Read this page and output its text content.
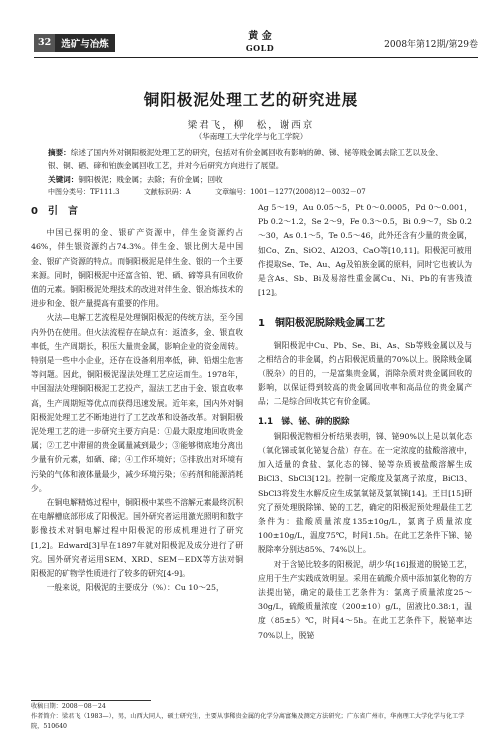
32	选矿与冶炼
黄 金
GOLD	2008年第12期/第29卷
铜阳极泥处理工艺的研究进展
梁君飞，柳　松，谢西京
（华南理工大学化学与化工学院）
摘要：综述了国内外对铜阳极泥处理工艺的研究，包括对有价金属回收有影响的砷、锑、铋等贱金属去除工艺以及金、银、铜、硒、碲和铂族金属回收工艺，并对今后研究方向进行了展望。
关键词：铜阳极泥；贱金属；去除；有价金属；回收
中图分类号：TF111.3	文献标识码：A	文章编号：1001－1277(2008)12－0032－07
0　引　言

中国已探明的金、银矿产资源中，伴生金资源约占46%，伴生银资源约占74.3%。伴生金、银比例大是中国金、银矿产资源的特点。而铜阳极泥是伴生金、银的一个主要来源。同时，铜阳极泥中还富含铂、钯、硒、碲等具有回收价值的元素。铜阳极泥处理技术的改进对伴生金、银冶炼技术的进步和金、银产量提高有重要的作用。

火法—电解工艺流程是处理铜阳极泥的传统方法，至今国内外仍在使用。但火法流程存在缺点有：返渣多，金、银直收率低，生产周期长，积压大量贵金属，影响企业的资金周转。特别是一些中小企业，还存在设备利用率低，砷、铅烟尘危害等问题。因此，铜阳极泥湿法处理工艺应运而生。1978年，中国湿法处理铜阳极泥工艺投产，湿法工艺由于金、银直收率高，生产周期短等优点而获得迅速发展。近年来，国内外对铜阳极泥处理工艺不断地进行了工艺改革和设备改革。对铜阳极泥处理工艺的进一步研究主要方向是：①最大限度地回收贵金属；②工艺中滞留的贵金属量减到最少；③能够彻底地分离出少量有价元素，如硒、碲；④工作环境好；⑤排放出对环境有污染的气体和液体量最少，减少环境污染；⑥药剂和能源消耗少。

在铜电解精炼过程中，铜阳极中某些不溶解元素最终沉积在电解槽底部形成了阳极泥。国外研究者运用激光照明和数字影像技术对铜电解过程中阳极泥的形成机理进行了研究[1,2]。Edward[3]早在1897年就对阳极泥及成分进行了研究。国外研究者运用SEM、XRD、SEM－EDX等方法对铜阳极泥的矿物学性质进行了较多的研究[4-9]。

一般来说，阳极泥的主要成分（%）：Cu 10～25，

Ag 5～19，Au 0.05～5，Pt 0～0.0005，Pd 0～0.001，Pb 0.2～1.2，Se 2～9，Fe 0.3～0.5，Bi 0.9～7，Sb 0.2～30，As 0.1～5，Te 0.5～46，此外还含有少量的贵金属，如Co、Zn、SiO2、Al2O3、CaO等[10,11]。阳极泥可被用作提取Se、Te、Au、Ag及铂族金属的原料，同时它也被认为是含As、Sb、Bi及易溶性重金属Cu、Ni、Pb的有害残渣[12]。

1　铜阳极泥脱除贱金属工艺

铜阳极泥中Cu、Pb、Se、Bi、As、Sb等贱金属以及与之相结合的非金属，约占阳极泥质量的70%以上。脱除贱金属（脱杂）的目的，一是富集贵金属，消除杂质对贵金属回收的影响，以保证得到较高的贵金属回收率和高品位的贵金属产品；二是综合回收其它有价金属。

1.1　锑、铋、砷的脱除

铜阳极泥物相分析结果表明，锑、铋90%以上是以氧化态（氧化锑或氧化铋复合盐）存在。在一定浓度的盐酸溶液中，加入适量的食盐、氯化态的锑、铋等杂质被盐酸溶解生成BiCl3、SbCl3[12]。控制一定酸度及氯离子浓度，BiCl3、SbCl3将发生水解反应生成氯氧铋及氯氧锑[14]。王日[15]研究了预处理脱除锑、铋的工艺，确定的阳极泥预处理最佳工艺条件为：盐酸质量浓度135±10g/L，氯离子质量浓度100±10g/L，温度75℃，时间1.5h。在此工艺条件下锑、铋脱除率分别达85%、74%以上。

对于含铋比较多的阳极泥，胡少华[16]报道的脱铋工艺，应用于生产实践成效明显。采用在硫酸介质中添加氯化物的方法提出铋，确定的最佳工艺条件为：氯离子质量浓度25～30g/L，硫酸质量浓度（200±10）g/L，固液比0.38:1，温度（85±5）℃，时间4～5h。在此工艺条件下，脱铋率达70%以上，脱铋

收稿日期：2008－08－24
作者简介：梁君飞（1983—），男，山西大同人，硕士研究生，主要从事稀贵金属的化学分离富集及测定方法研究；广东省广州市，华南理工大学化学与化工学院，510640
